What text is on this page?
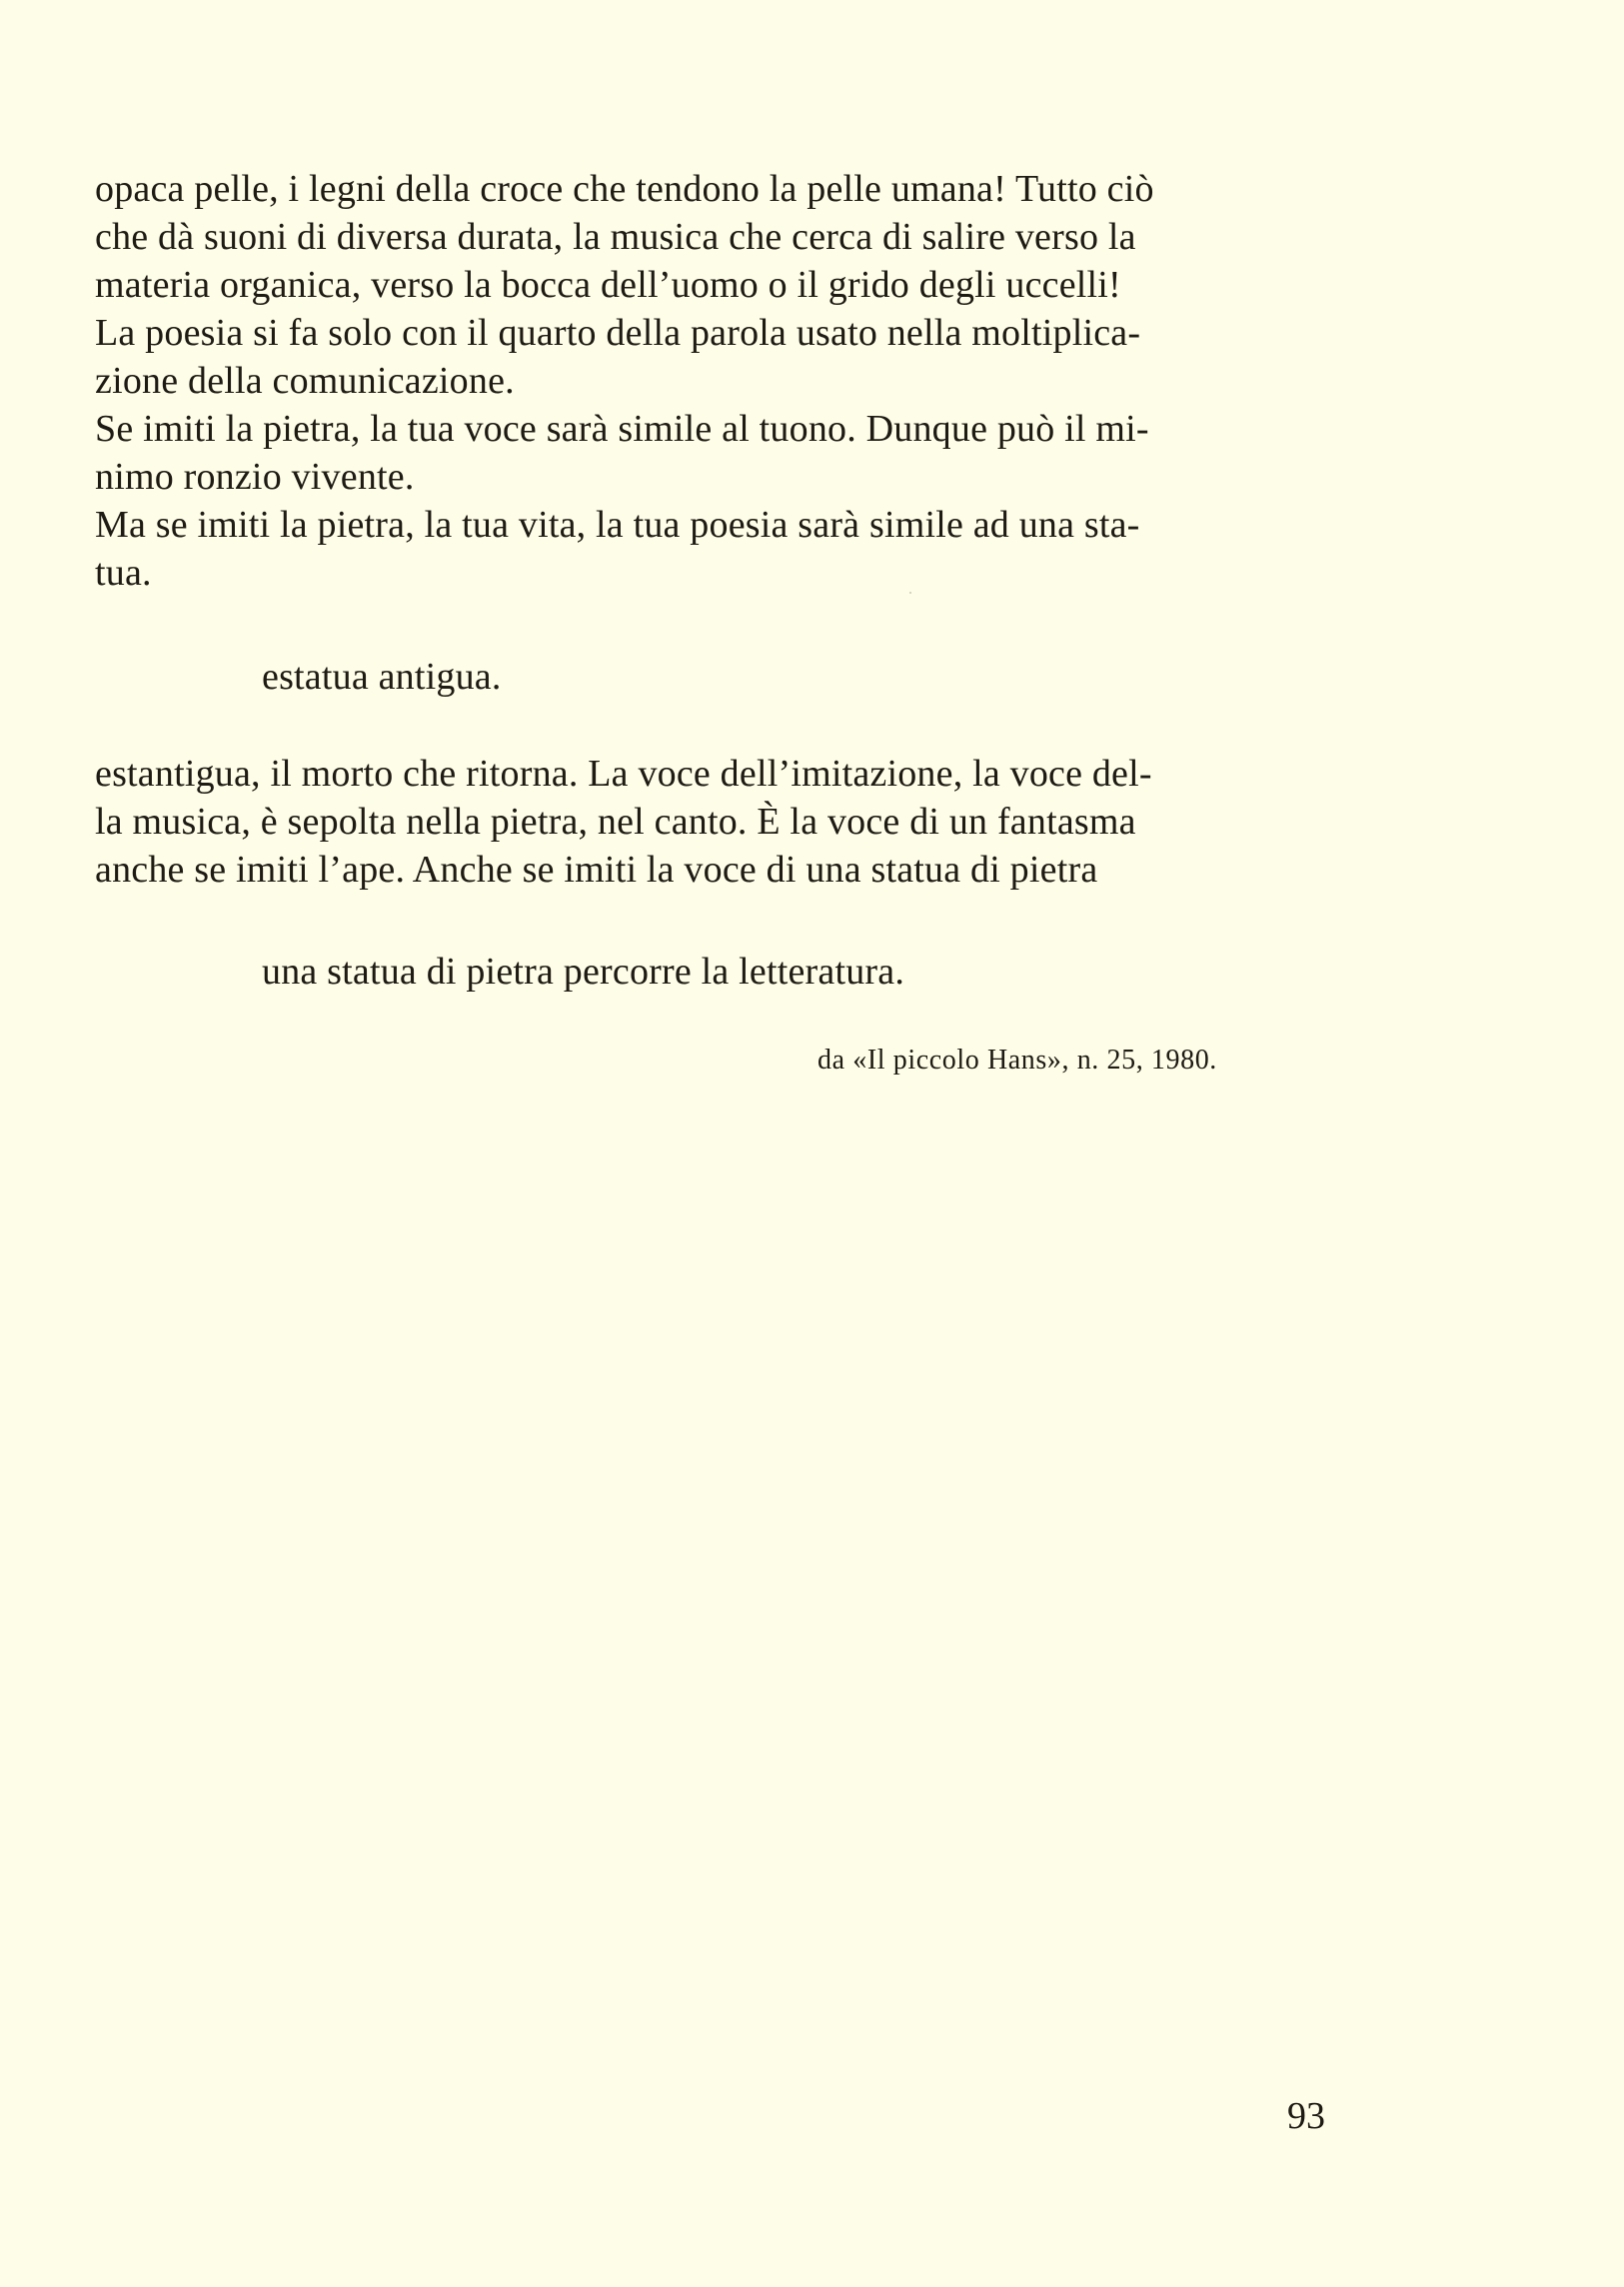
opaca pelle, i legni della croce che tendono la pelle umana! Tutto ciò
che dà suoni di diversa durata, la musica che cerca di salire verso la
materia organica, verso la bocca dell’uomo o il grido degli uccelli!
La poesia si fa solo con il quarto della parola usato nella moltiplica-
zione della comunicazione.
Se imiti la pietra, la tua voce sarà simile al tuono. Dunque può il mi-
nimo ronzio vivente.
Ma se imiti la pietra, la tua vita, la tua poesia sarà simile ad una sta-
tua.
estatua antigua.
estantigua, il morto che ritorna. La voce dell’imitazione, la voce del-
la musica, è sepolta nella pietra, nel canto. È la voce di un fantasma
anche se imiti l’ape. Anche se imiti la voce di una statua di pietra
una statua di pietra percorre la letteratura.
da «Il piccolo Hans», n. 25, 1980.
93
